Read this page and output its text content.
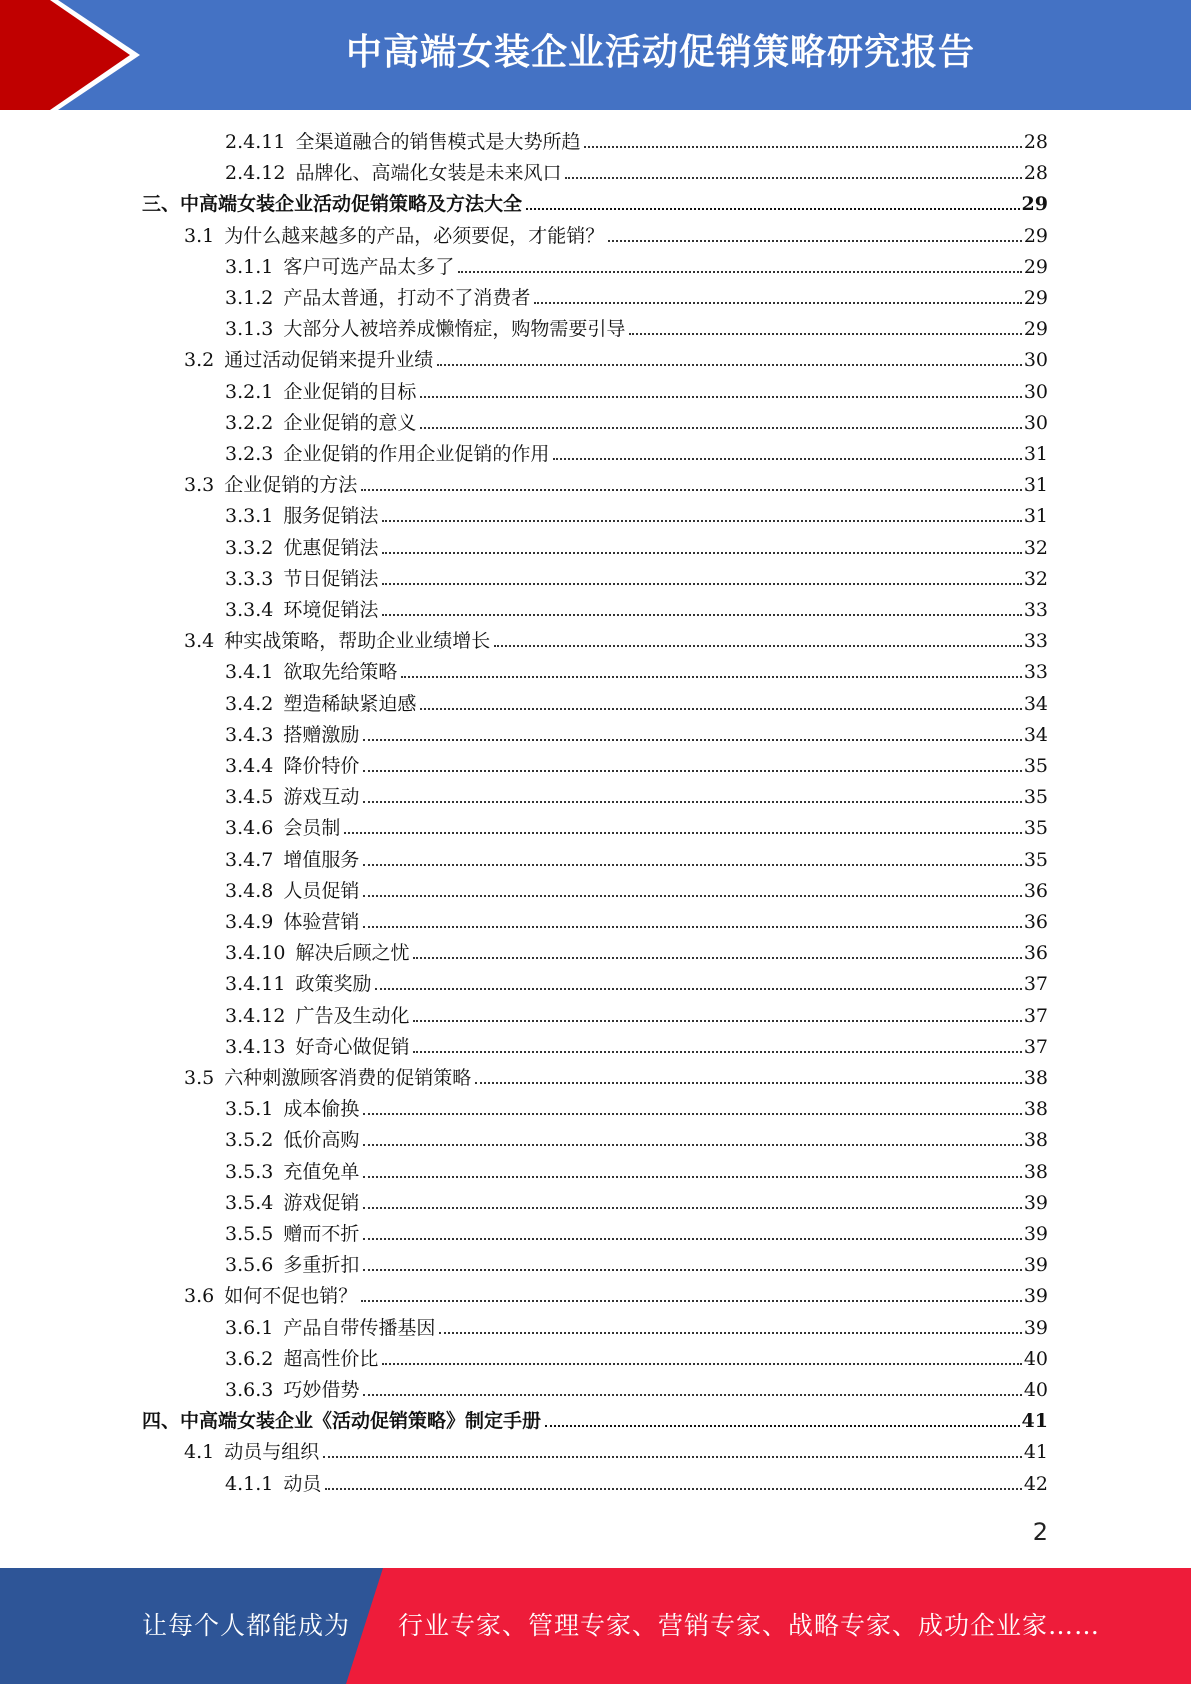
中高端女装企业活动促销策略研究报告
2.4.11 全渠道融合的销售模式是大势所趋	28
2.4.12 品牌化、高端化女装是未来风口	28
三、 中高端女装企业活动促销策略及方法大全	29
3.1 为什么越来越多的产品，必须要促，才能销？	29
3.1.1 客户可选产品太多了	29
3.1.2 产品太普通，打动不了消费者	29
3.1.3 大部分人被培养成懒惰症，购物需要引导	29
3.2 通过活动促销来提升业绩	30
3.2.1 企业促销的目标	30
3.2.2 企业促销的意义	30
3.2.3 企业促销的作用企业促销的作用	31
3.3 企业促销的方法	31
3.3.1 服务促销法	31
3.3.2 优惠促销法	32
3.3.3 节日促销法	32
3.3.4 环境促销法	33
3.4 种实战策略，帮助企业业绩增长	33
3.4.1 欲取先给策略	33
3.4.2 塑造稀缺紧迫感	34
3.4.3 搭赠激励	34
3.4.4 降价特价	35
3.4.5 游戏互动	35
3.4.6 会员制	35
3.4.7 增值服务	35
3.4.8 人员促销	36
3.4.9 体验营销	36
3.4.10 解决后顾之忧	36
3.4.11 政策奖励	37
3.4.12 广告及生动化	37
3.4.13 好奇心做促销	37
3.5 六种刺激顾客消费的促销策略	38
3.5.1 成本偷换	38
3.5.2 低价高购	38
3.5.3 充值免单	38
3.5.4 游戏促销	39
3.5.5 赠而不折	39
3.5.6 多重折扣	39
3.6 如何不促也销？	39
3.6.1 产品自带传播基因	39
3.6.2 超高性价比	40
3.6.3 巧妙借势	40
四、 中高端女装企业《活动促销策略》制定手册	41
4.1 动员与组织	41
4.1.1 动员	42
2
让每个人都能成为 行业专家、管理专家、营销专家、战略专家、成功企业家……
